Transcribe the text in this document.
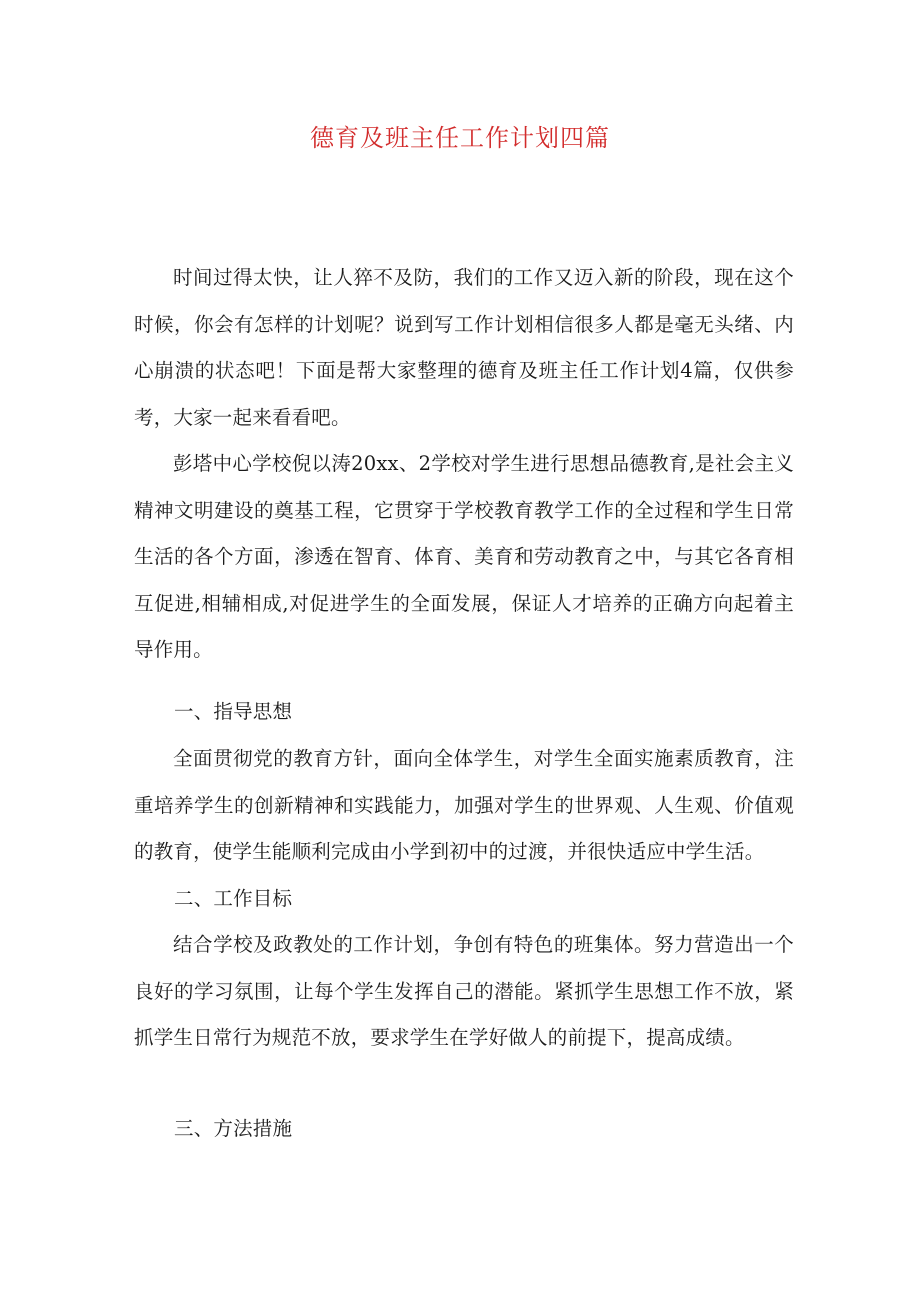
德育及班主任工作计划四篇

时间过得太快，让人猝不及防，我们的工作又迈入新的阶段，现在这个时候，你会有怎样的计划呢？说到写工作计划相信很多人都是毫无头绪、内心崩溃的状态吧！下面是帮大家整理的德育及班主任工作计划4篇，仅供参考，大家一起来看看吧。

彭塔中心学校倪以涛20xx、2学校对学生进行思想品德教育,是社会主义精神文明建设的奠基工程，它贯穿于学校教育教学工作的全过程和学生日常生活的各个方面，渗透在智育、体育、美育和劳动教育之中，与其它各育相互促进,相辅相成,对促进学生的全面发展，保证人才培养的正确方向起着主导作用。

一、指导思想

全面贯彻党的教育方针，面向全体学生，对学生全面实施素质教育，注重培养学生的创新精神和实践能力，加强对学生的世界观、人生观、价值观的教育，使学生能顺利完成由小学到初中的过渡，并很快适应中学生活。

二、工作目标

结合学校及政教处的工作计划，争创有特色的班集体。努力营造出一个良好的学习氛围，让每个学生发挥自己的潜能。紧抓学生思想工作不放，紧抓学生日常行为规范不放，要求学生在学好做人的前提下，提高成绩。

三、方法措施
